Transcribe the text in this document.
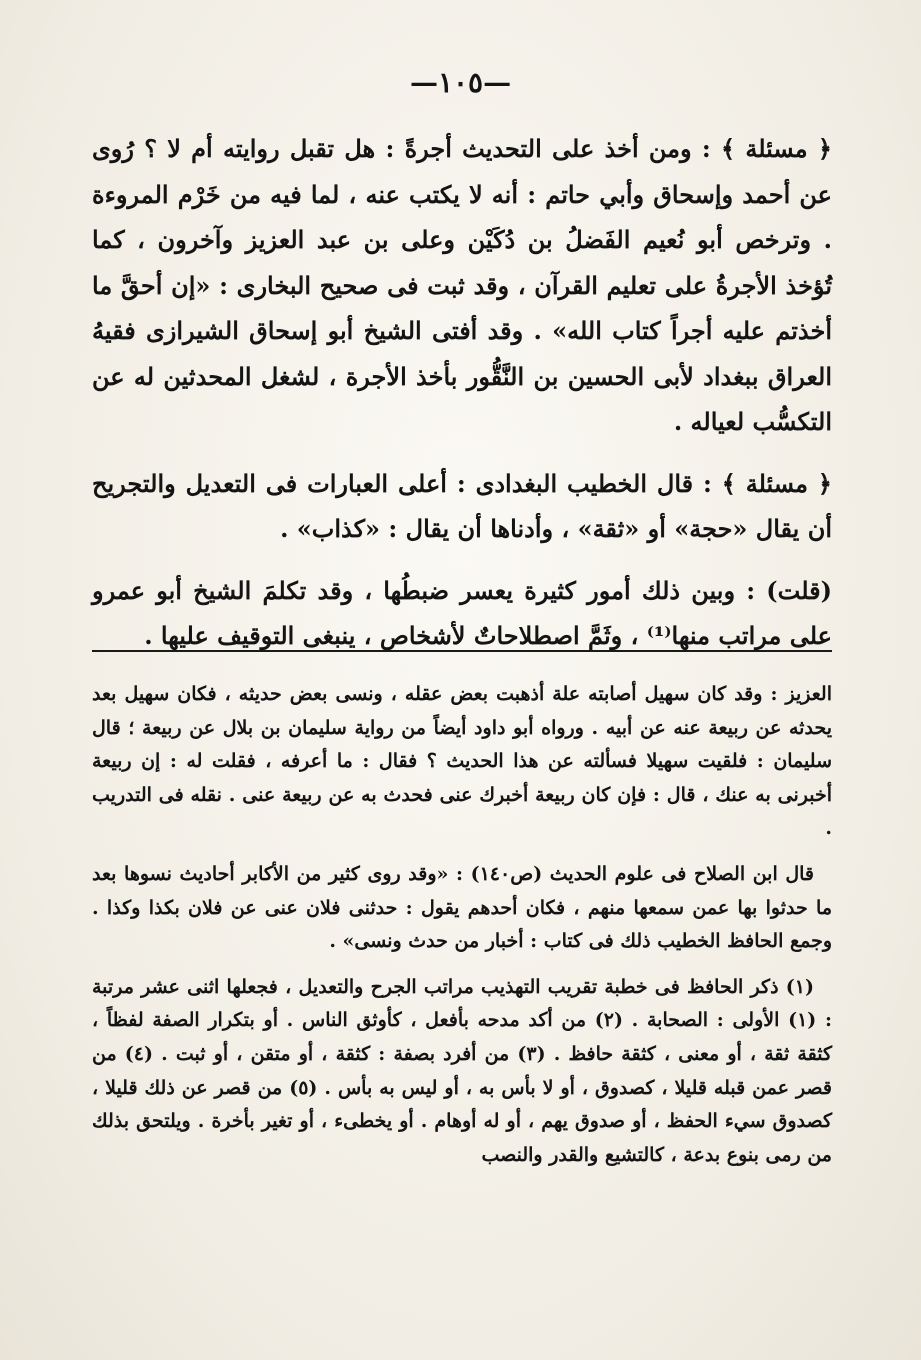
—١٠٥—

﴿ مسئلة ﴾ : ومن أخذ على التحديث أجرةً : هل تقبل روايته أم لا ؟ رُوى عن أحمد وإسحاق وأبي حاتم : أنه لا يكتب عنه ، لما فيه من خَرْم المروءة . وترخص أبو نُعيم الفَضلُ بن دُكَيْن وعلى بن عبد العزيز وآخرون ، كما تُؤخذ الأجرةُ على تعليم القرآن ، وقد ثبت فى صحيح البخارى : «إن أحقَّ ما أخذتم عليه أجراً كتاب الله» . وقد أفتى الشيخ أبو إسحاق الشيرازى فقيهُ العراق ببغداد لأبى الحسين بن النَّقُّور بأخذ الأجرة ، لشغل المحدثين له عن التكسُّب لعياله .

﴿ مسئلة ﴾ : قال الخطيب البغدادى : أعلى العبارات فى التعديل والتجريح أن يقال «حجة» أو «ثقة» ، وأدناها أن يقال : «كذاب» .

(قلت) : وبين ذلك أمور كثيرة يعسر ضبطُها ، وقد تكلمَ الشيخ أبو عمرو على مراتب منها⁽¹⁾ ، وثَمَّ اصطلاحاتٌ لأشخاص ، ينبغى التوقيف عليها .

العزيز : وقد كان سهيل أصابته علة أذهبت بعض عقله ، ونسى بعض حديثه ، فكان سهيل بعد يحدثه عن ربيعة عنه عن أبيه . ورواه أبو داود أيضاً من رواية سليمان بن بلال عن ربيعة ؛ قال سليمان : فلقيت سهيلا فسألته عن هذا الحديث ؟ فقال : ما أعرفه ، فقلت له : إن ربيعة أخبرنى به عنك ، قال : فإن كان ربيعة أخبرك عنى فحدث به عن ربيعة عنى . نقله فى التدريب .

قال ابن الصلاح فى علوم الحديث (ص١٤٠) : «وقد روى كثير من الأكابر أحاديث نسوها بعد ما حدثوا بها عمن سمعها منهم ، فكان أحدهم يقول : حدثنى فلان عنى عن فلان بكذا وكذا . وجمع الحافظ الخطيب ذلك فى كتاب : أخبار من حدث ونسى» .

(١) ذكر الحافظ فى خطبة تقريب التهذيب مراتب الجرح والتعديل ، فجعلها اثنى عشر مرتبة : (١) الأولى : الصحابة . (٢) من أكد مدحه بأفعل ، كأوثق الناس . أو بتكرار الصفة لفظاً ، كثقة ثقة ، أو معنى ، كثقة حافظ . (٣) من أفرد بصفة : كثقة ، أو متقن ، أو ثبت . (٤) من قصر عمن قبله قليلا ، كصدوق ، أو لا بأس به ، أو ليس به بأس . (٥) من قصر عن ذلك قليلا ، كصدوق سيء الحفظ ، أو صدوق يهم ، أو له أوهام . أو يخطىء ، أو تغير بأخرة . ويلتحق بذلك من رمى بنوع بدعة ، كالتشيع والقدر والنصب
